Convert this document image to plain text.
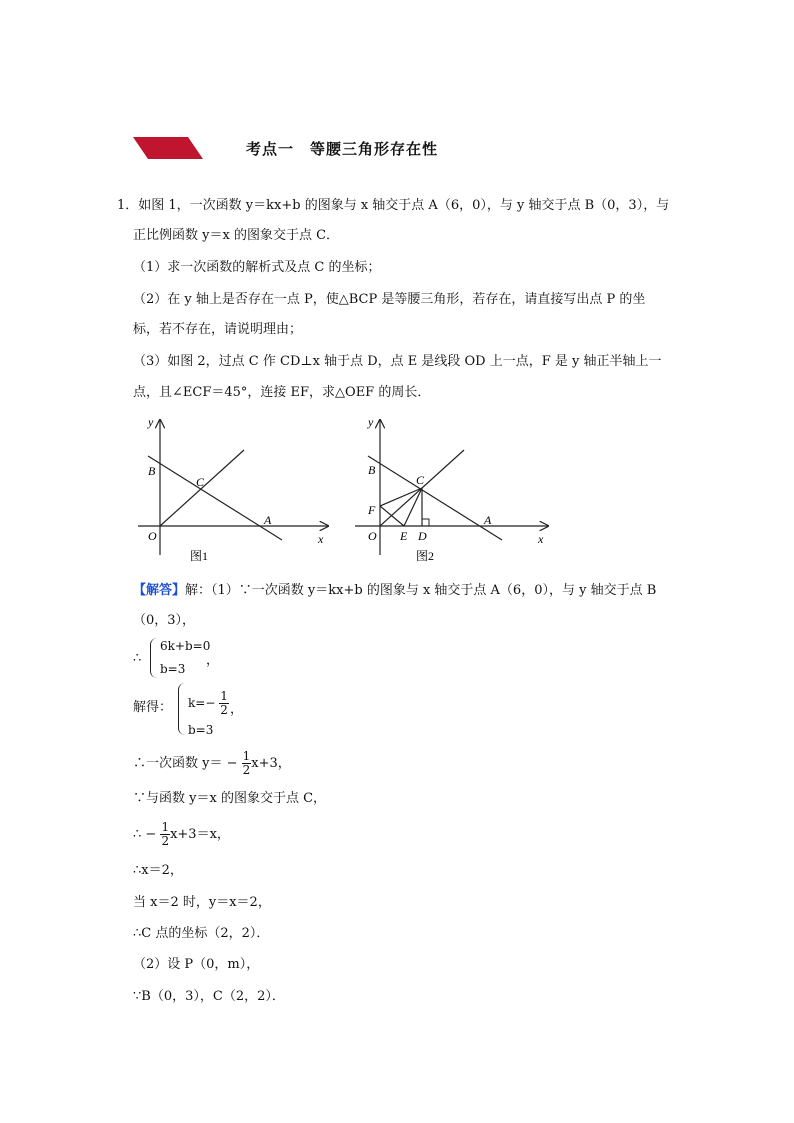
考点一　等腰三角形存在性
1．如图 1，一次函数 y＝kx+b 的图象与 x 轴交于点 A（6，0），与 y 轴交于点 B（0，3），与
正比例函数 y＝x 的图象交于点 C．
（1）求一次函数的解析式及点 C 的坐标；
（2）在 y 轴上是否存在一点 P，使△BCP 是等腰三角形，若存在，请直接写出点 P 的坐
标，若不存在，请说明理由；
（3）如图 2，过点 C 作 CD⊥x 轴于点 D，点 E 是线段 OD 上一点，F 是 y 轴正半轴上一
点，且∠ECF＝45°，连接 EF，求△OEF 的周长．
y
x
B
C
A
O
图1
y
x
B
C
A
F
O E D
图2
【解答】解：（1）∵一次函数 y＝kx+b 的图象与 x 轴交于点 A（6，0），与 y 轴交于点 B
（0，3），
∴
6k+b=0
b=3
，
解得： $k=- \frac{1}{2}$ ，
b=3
∴一次函数 $y= - \frac{1}{2} x+3$，
∵与函数 y＝x 的图象交于点 C，
∴ − $\frac{1}{2} x+3=x$，
∴x＝2，
当 x＝2 时，y＝x＝2，
∴C 点的坐标（2，2）．
（2）设 P（0，m），
∵B（0，3），C（2，2）．
